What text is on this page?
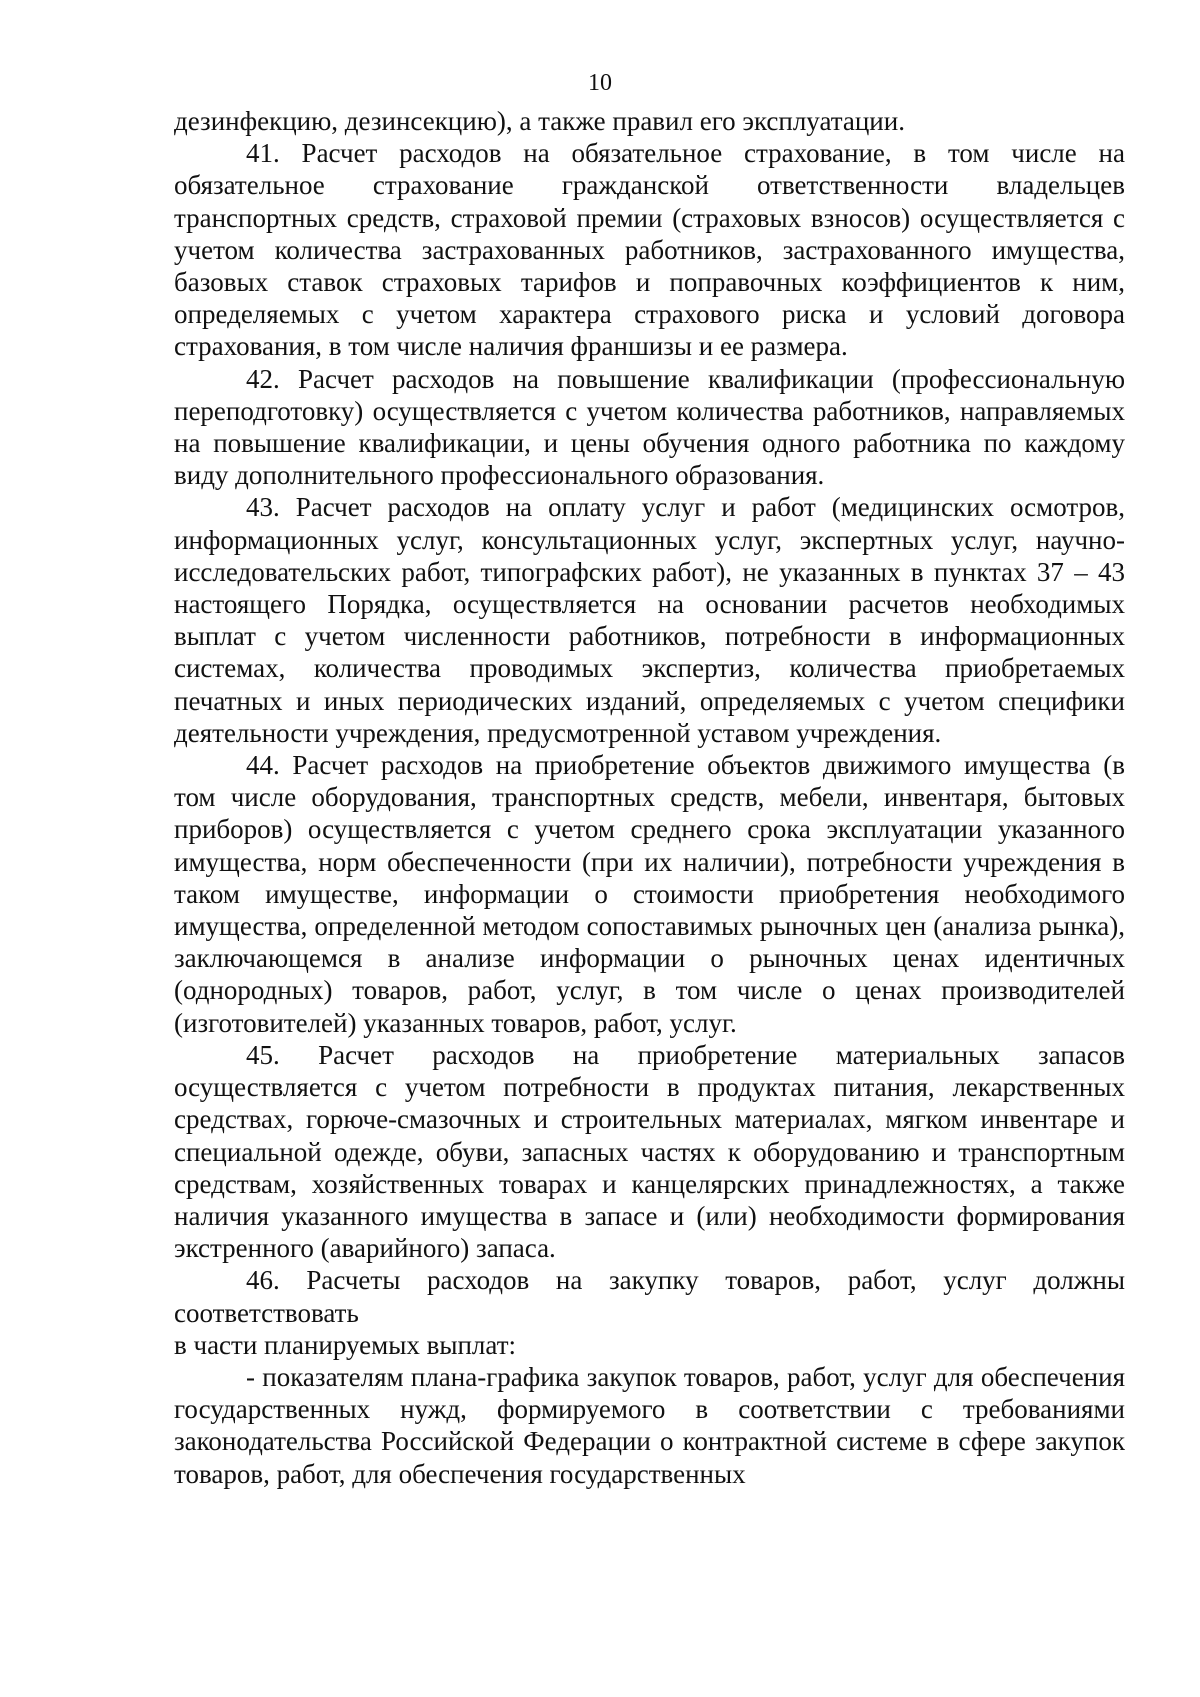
10

дезинфекцию, дезинсекцию), а также правил его эксплуатации.

41. Расчет расходов на обязательное страхование, в том числе на обязательное страхование гражданской ответственности владельцев транспортных средств, страховой премии (страховых взносов) осуществляется с учетом количества застрахованных работников, застрахованного имущества, базовых ставок страховых тарифов и поправочных коэффициентов к ним, определяемых с учетом характера страхового риска и условий договора страхования, в том числе наличия франшизы и ее размера.

42. Расчет расходов на повышение квалификации (профессиональную переподготовку) осуществляется с учетом количества работников, направляемых на повышение квалификации, и цены обучения одного работника по каждому виду дополнительного профессионального образования.

43. Расчет расходов на оплату услуг и работ (медицинских осмотров, информационных услуг, консультационных услуг, экспертных услуг, научно-исследовательских работ, типографских работ), не указанных в пунктах 37 – 43 настоящего Порядка, осуществляется на основании расчетов необходимых выплат с учетом численности работников, потребности в информационных системах, количества проводимых экспертиз, количества приобретаемых печатных и иных периодических изданий, определяемых с учетом специфики деятельности учреждения, предусмотренной уставом учреждения.

44. Расчет расходов на приобретение объектов движимого имущества (в том числе оборудования, транспортных средств, мебели, инвентаря, бытовых приборов) осуществляется с учетом среднего срока эксплуатации указанного имущества, норм обеспеченности (при их наличии), потребности учреждения в таком имуществе, информации о стоимости приобретения необходимого имущества, определенной методом сопоставимых рыночных цен (анализа рынка), заключающемся в анализе информации о рыночных ценах идентичных (однородных) товаров, работ, услуг, в том числе о ценах производителей (изготовителей) указанных товаров, работ, услуг.

45. Расчет расходов на приобретение материальных запасов осуществляется с учетом потребности в продуктах питания, лекарственных средствах, горюче-смазочных и строительных материалах, мягком инвентаре и специальной одежде, обуви, запасных частях к оборудованию и транспортным средствам, хозяйственных товарах и канцелярских принадлежностях, а также наличия указанного имущества в запасе и (или) необходимости формирования экстренного (аварийного) запаса.

46. Расчеты расходов на закупку товаров, работ, услуг должны соответствовать

в части планируемых выплат:

- показателям плана-графика закупок товаров, работ, услуг для обеспечения государственных нужд, формируемого в соответствии с требованиями законодательства Российской Федерации о контрактной системе в сфере закупок товаров, работ, для обеспечения государственных
